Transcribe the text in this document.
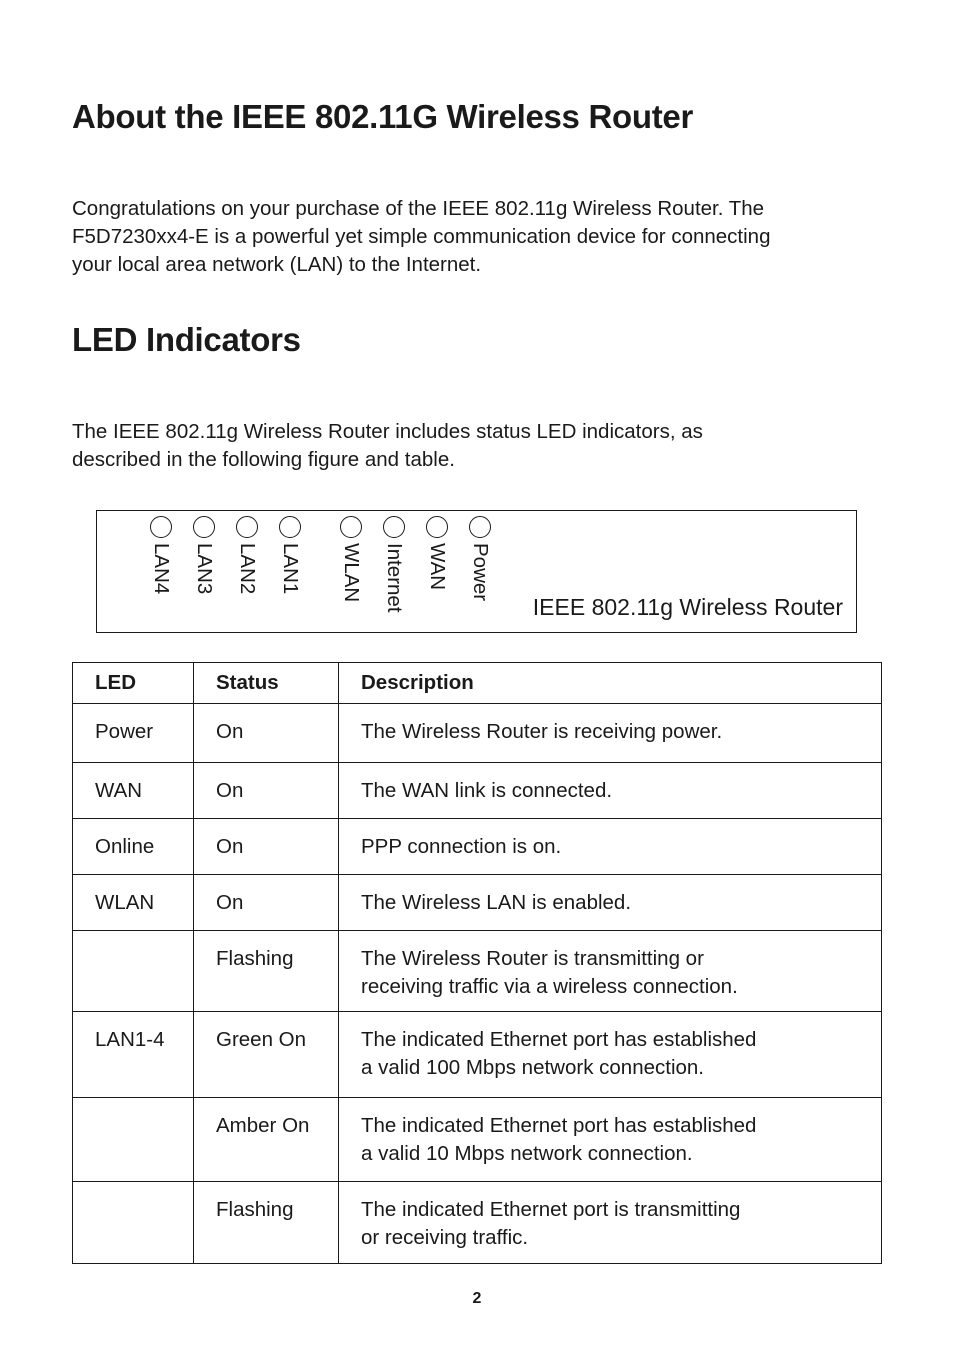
About the IEEE 802.11G Wireless Router

Congratulations on your purchase of the IEEE 802.11g Wireless Router. The
F5D7230xx4-E is a powerful yet simple communication device for connecting
your local area network (LAN) to the Internet.

LED Indicators

The IEEE 802.11g Wireless Router includes status LED indicators, as
described in the following figure and table.

LAN4 LAN3 LAN2 LAN1 WLAN Internet WAN Power
IEEE 802.11g Wireless Router
LED	Status	Description
Power	On	The Wireless Router is receiving power.

WAN	On	The WAN link is connected.

Online	On	PPP connection is on.

WLAN	On	The Wireless LAN is enabled.

	Flashing	The Wireless Router is transmitting or
receiving traffic via a wireless connection.

LAN1-4	Green On	The indicated Ethernet port has established
a valid 100 Mbps network connection.

	Amber On	The indicated Ethernet port has established
a valid 10 Mbps network connection.

	Flashing	The indicated Ethernet port is transmitting
or receiving traffic.
2
